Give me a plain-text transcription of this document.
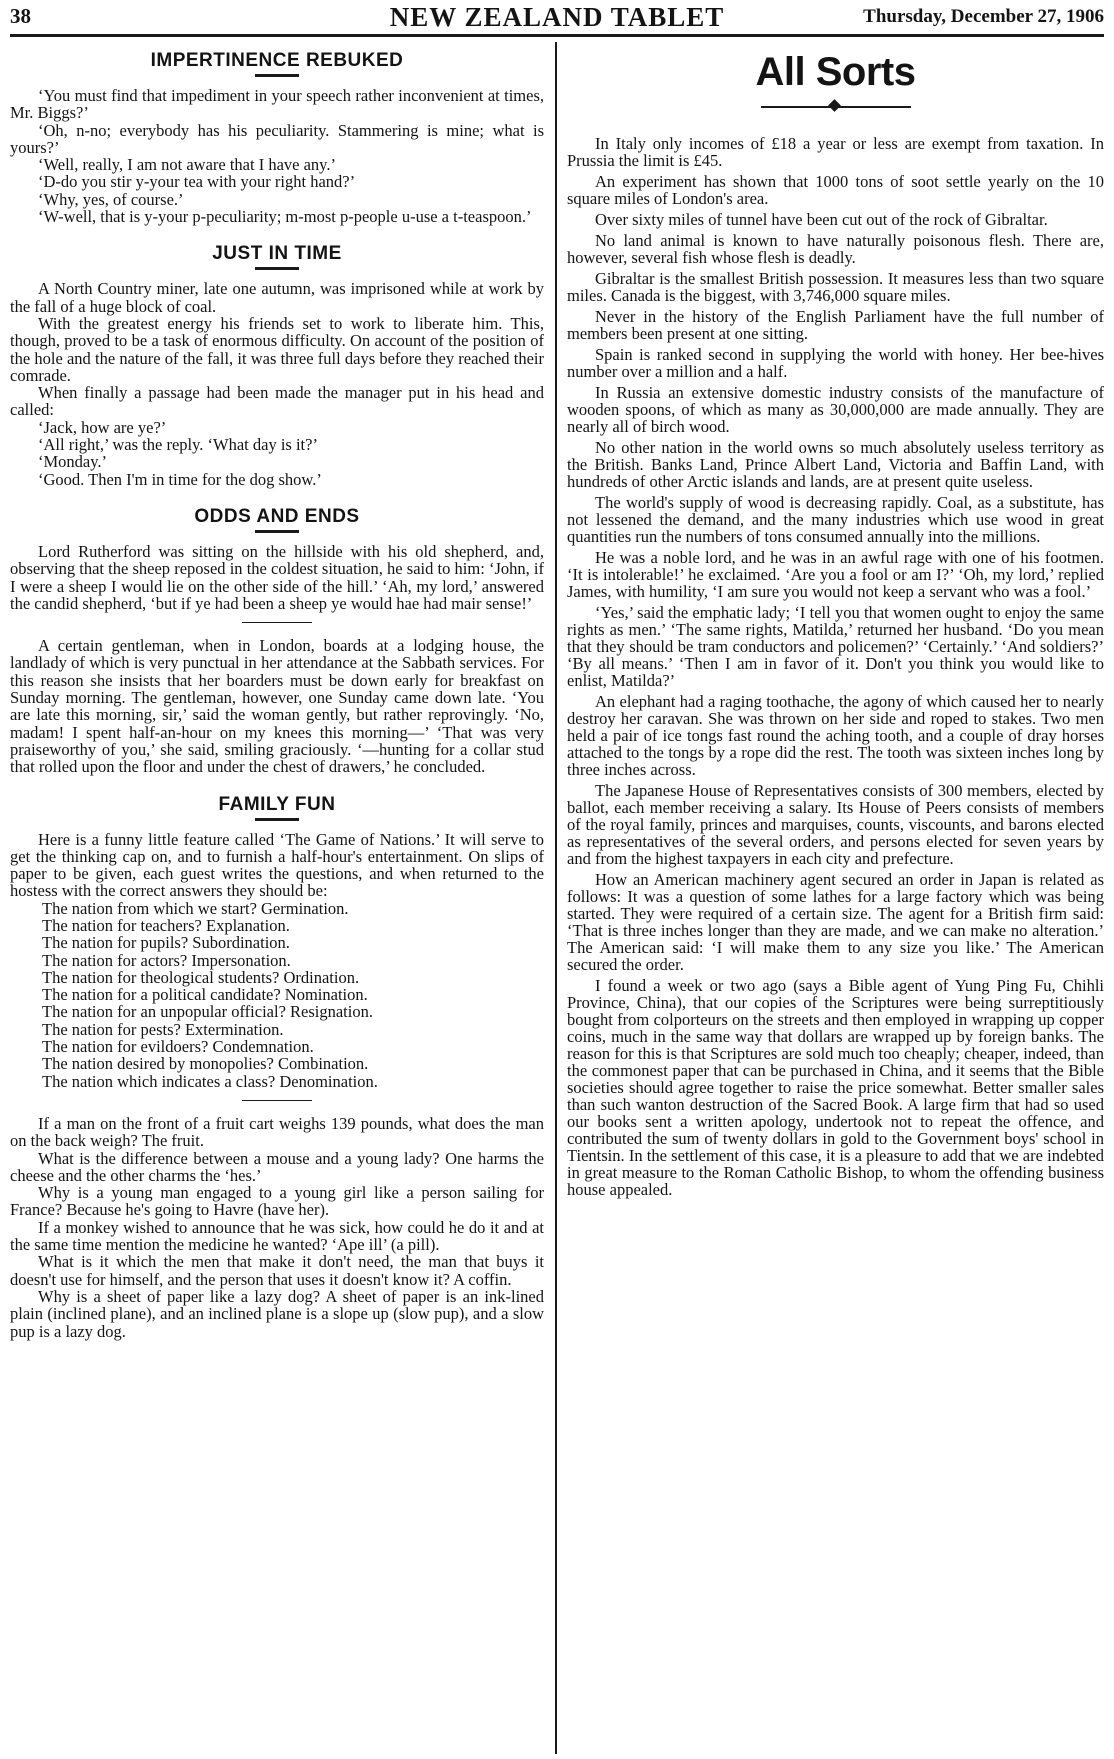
38	NEW ZEALAND TABLET	Thursday, December 27, 1906
IMPERTINENCE REBUKED

‘You must find that impediment in your speech rather inconvenient at times, Mr. Biggs?’

‘Oh, n-no; everybody has his peculiarity. Stammering is mine; what is yours?’

‘Well, really, I am not aware that I have any.’

‘D-do you stir y-your tea with your right hand?’

‘Why, yes, of course.’

‘W-well, that is y-your p-peculiarity; m-most p-people u-use a t-teaspoon.’

JUST IN TIME

A North Country miner, late one autumn, was imprisoned while at work by the fall of a huge block of coal.

With the greatest energy his friends set to work to liberate him. This, though, proved to be a task of enormous difficulty. On account of the position of the hole and the nature of the fall, it was three full days before they reached their comrade.

When finally a passage had been made the manager put in his head and called:

‘Jack, how are ye?’

‘All right,’ was the reply. ‘What day is it?’

‘Monday.’

‘Good. Then I'm in time for the dog show.’

ODDS AND ENDS

Lord Rutherford was sitting on the hillside with his old shepherd, and, observing that the sheep reposed in the coldest situation, he said to him: ‘John, if I were a sheep I would lie on the other side of the hill.’ ‘Ah, my lord,’ answered the candid shepherd, ‘but if ye had been a sheep ye would hae had mair sense!’

A certain gentleman, when in London, boards at a lodging house, the landlady of which is very punctual in her attendance at the Sabbath services. For this reason she insists that her boarders must be down early for breakfast on Sunday morning. The gentleman, however, one Sunday came down late. ‘You are late this morning, sir,’ said the woman gently, but rather reprovingly. ‘No, madam! I spent half-an-hour on my knees this morning—’ ‘That was very praiseworthy of you,’ she said, smiling graciously. ‘—hunting for a collar stud that rolled upon the floor and under the chest of drawers,’ he concluded.

FAMILY FUN

Here is a funny little feature called ‘The Game of Nations.’ It will serve to get the thinking cap on, and to furnish a half-hour's entertainment. On slips of paper to be given, each guest writes the questions, and when returned to the hostess with the correct answers they should be:

The nation from which we start? Germination.
The nation for teachers? Explanation.
The nation for pupils? Subordination.
The nation for actors? Impersonation.
The nation for theological students? Ordination.
The nation for a political candidate? Nomination.
The nation for an unpopular official? Resignation.
The nation for pests? Extermination.
The nation for evildoers? Condemnation.
The nation desired by monopolies? Combination.
The nation which indicates a class? Denomination.

If a man on the front of a fruit cart weighs 139 pounds, what does the man on the back weigh? The fruit.

What is the difference between a mouse and a young lady? One harms the cheese and the other charms the ‘hes.’

Why is a young man engaged to a young girl like a person sailing for France? Because he's going to Havre (have her).

If a monkey wished to announce that he was sick, how could he do it and at the same time mention the medicine he wanted? ‘Ape ill’ (a pill).

What is it which the men that make it don't need, the man that buys it doesn't use for himself, and the person that uses it doesn't know it? A coffin.

Why is a sheet of paper like a lazy dog? A sheet of paper is an ink-lined plain (inclined plane), and an inclined plane is a slope up (slow pup), and a slow pup is a lazy dog.

All Sorts

In Italy only incomes of £18 a year or less are exempt from taxation. In Prussia the limit is £45.

An experiment has shown that 1000 tons of soot settle yearly on the 10 square miles of London's area.

Over sixty miles of tunnel have been cut out of the rock of Gibraltar.

No land animal is known to have naturally poisonous flesh. There are, however, several fish whose flesh is deadly.

Gibraltar is the smallest British possession. It measures less than two square miles. Canada is the biggest, with 3,746,000 square miles.

Never in the history of the English Parliament have the full number of members been present at one sitting.

Spain is ranked second in supplying the world with honey. Her bee-hives number over a million and a half.

In Russia an extensive domestic industry consists of the manufacture of wooden spoons, of which as many as 30,000,000 are made annually. They are nearly all of birch wood.

No other nation in the world owns so much absolutely useless territory as the British. Banks Land, Prince Albert Land, Victoria and Baffin Land, with hundreds of other Arctic islands and lands, are at present quite useless.

The world's supply of wood is decreasing rapidly. Coal, as a substitute, has not lessened the demand, and the many industries which use wood in great quantities run the numbers of tons consumed annually into the millions.

He was a noble lord, and he was in an awful rage with one of his footmen. ‘It is intolerable!’ he exclaimed. ‘Are you a fool or am I?’ ‘Oh, my lord,’ replied James, with humility, ‘I am sure you would not keep a servant who was a fool.’

‘Yes,’ said the emphatic lady; ‘I tell you that women ought to enjoy the same rights as men.’ ‘The same rights, Matilda,’ returned her husband. ‘Do you mean that they should be tram conductors and policemen?’ ‘Certainly.’ ‘And soldiers?’ ‘By all means.’ ‘Then I am in favor of it. Don't you think you would like to enlist, Matilda?’

An elephant had a raging toothache, the agony of which caused her to nearly destroy her caravan. She was thrown on her side and roped to stakes. Two men held a pair of ice tongs fast round the aching tooth, and a couple of dray horses attached to the tongs by a rope did the rest. The tooth was sixteen inches long by three inches across.

The Japanese House of Representatives consists of 300 members, elected by ballot, each member receiving a salary. Its House of Peers consists of members of the royal family, princes and marquises, counts, viscounts, and barons elected as representatives of the several orders, and persons elected for seven years by and from the highest taxpayers in each city and prefecture.

How an American machinery agent secured an order in Japan is related as follows: It was a question of some lathes for a large factory which was being started. They were required of a certain size. The agent for a British firm said: ‘That is three inches longer than they are made, and we can make no alteration.’ The American said: ‘I will make them to any size you like.’ The American secured the order.

I found a week or two ago (says a Bible agent of Yung Ping Fu, Chihli Province, China), that our copies of the Scriptures were being surreptitiously bought from colporteurs on the streets and then employed in wrapping up copper coins, much in the same way that dollars are wrapped up by foreign banks. The reason for this is that Scriptures are sold much too cheaply; cheaper, indeed, than the commonest paper that can be purchased in China, and it seems that the Bible societies should agree together to raise the price somewhat. Better smaller sales than such wanton destruction of the Sacred Book. A large firm that had so used our books sent a written apology, undertook not to repeat the offence, and contributed the sum of twenty dollars in gold to the Government boys' school in Tientsin. In the settlement of this case, it is a pleasure to add that we are indebted in great measure to the Roman Catholic Bishop, to whom the offending business house appealed.
